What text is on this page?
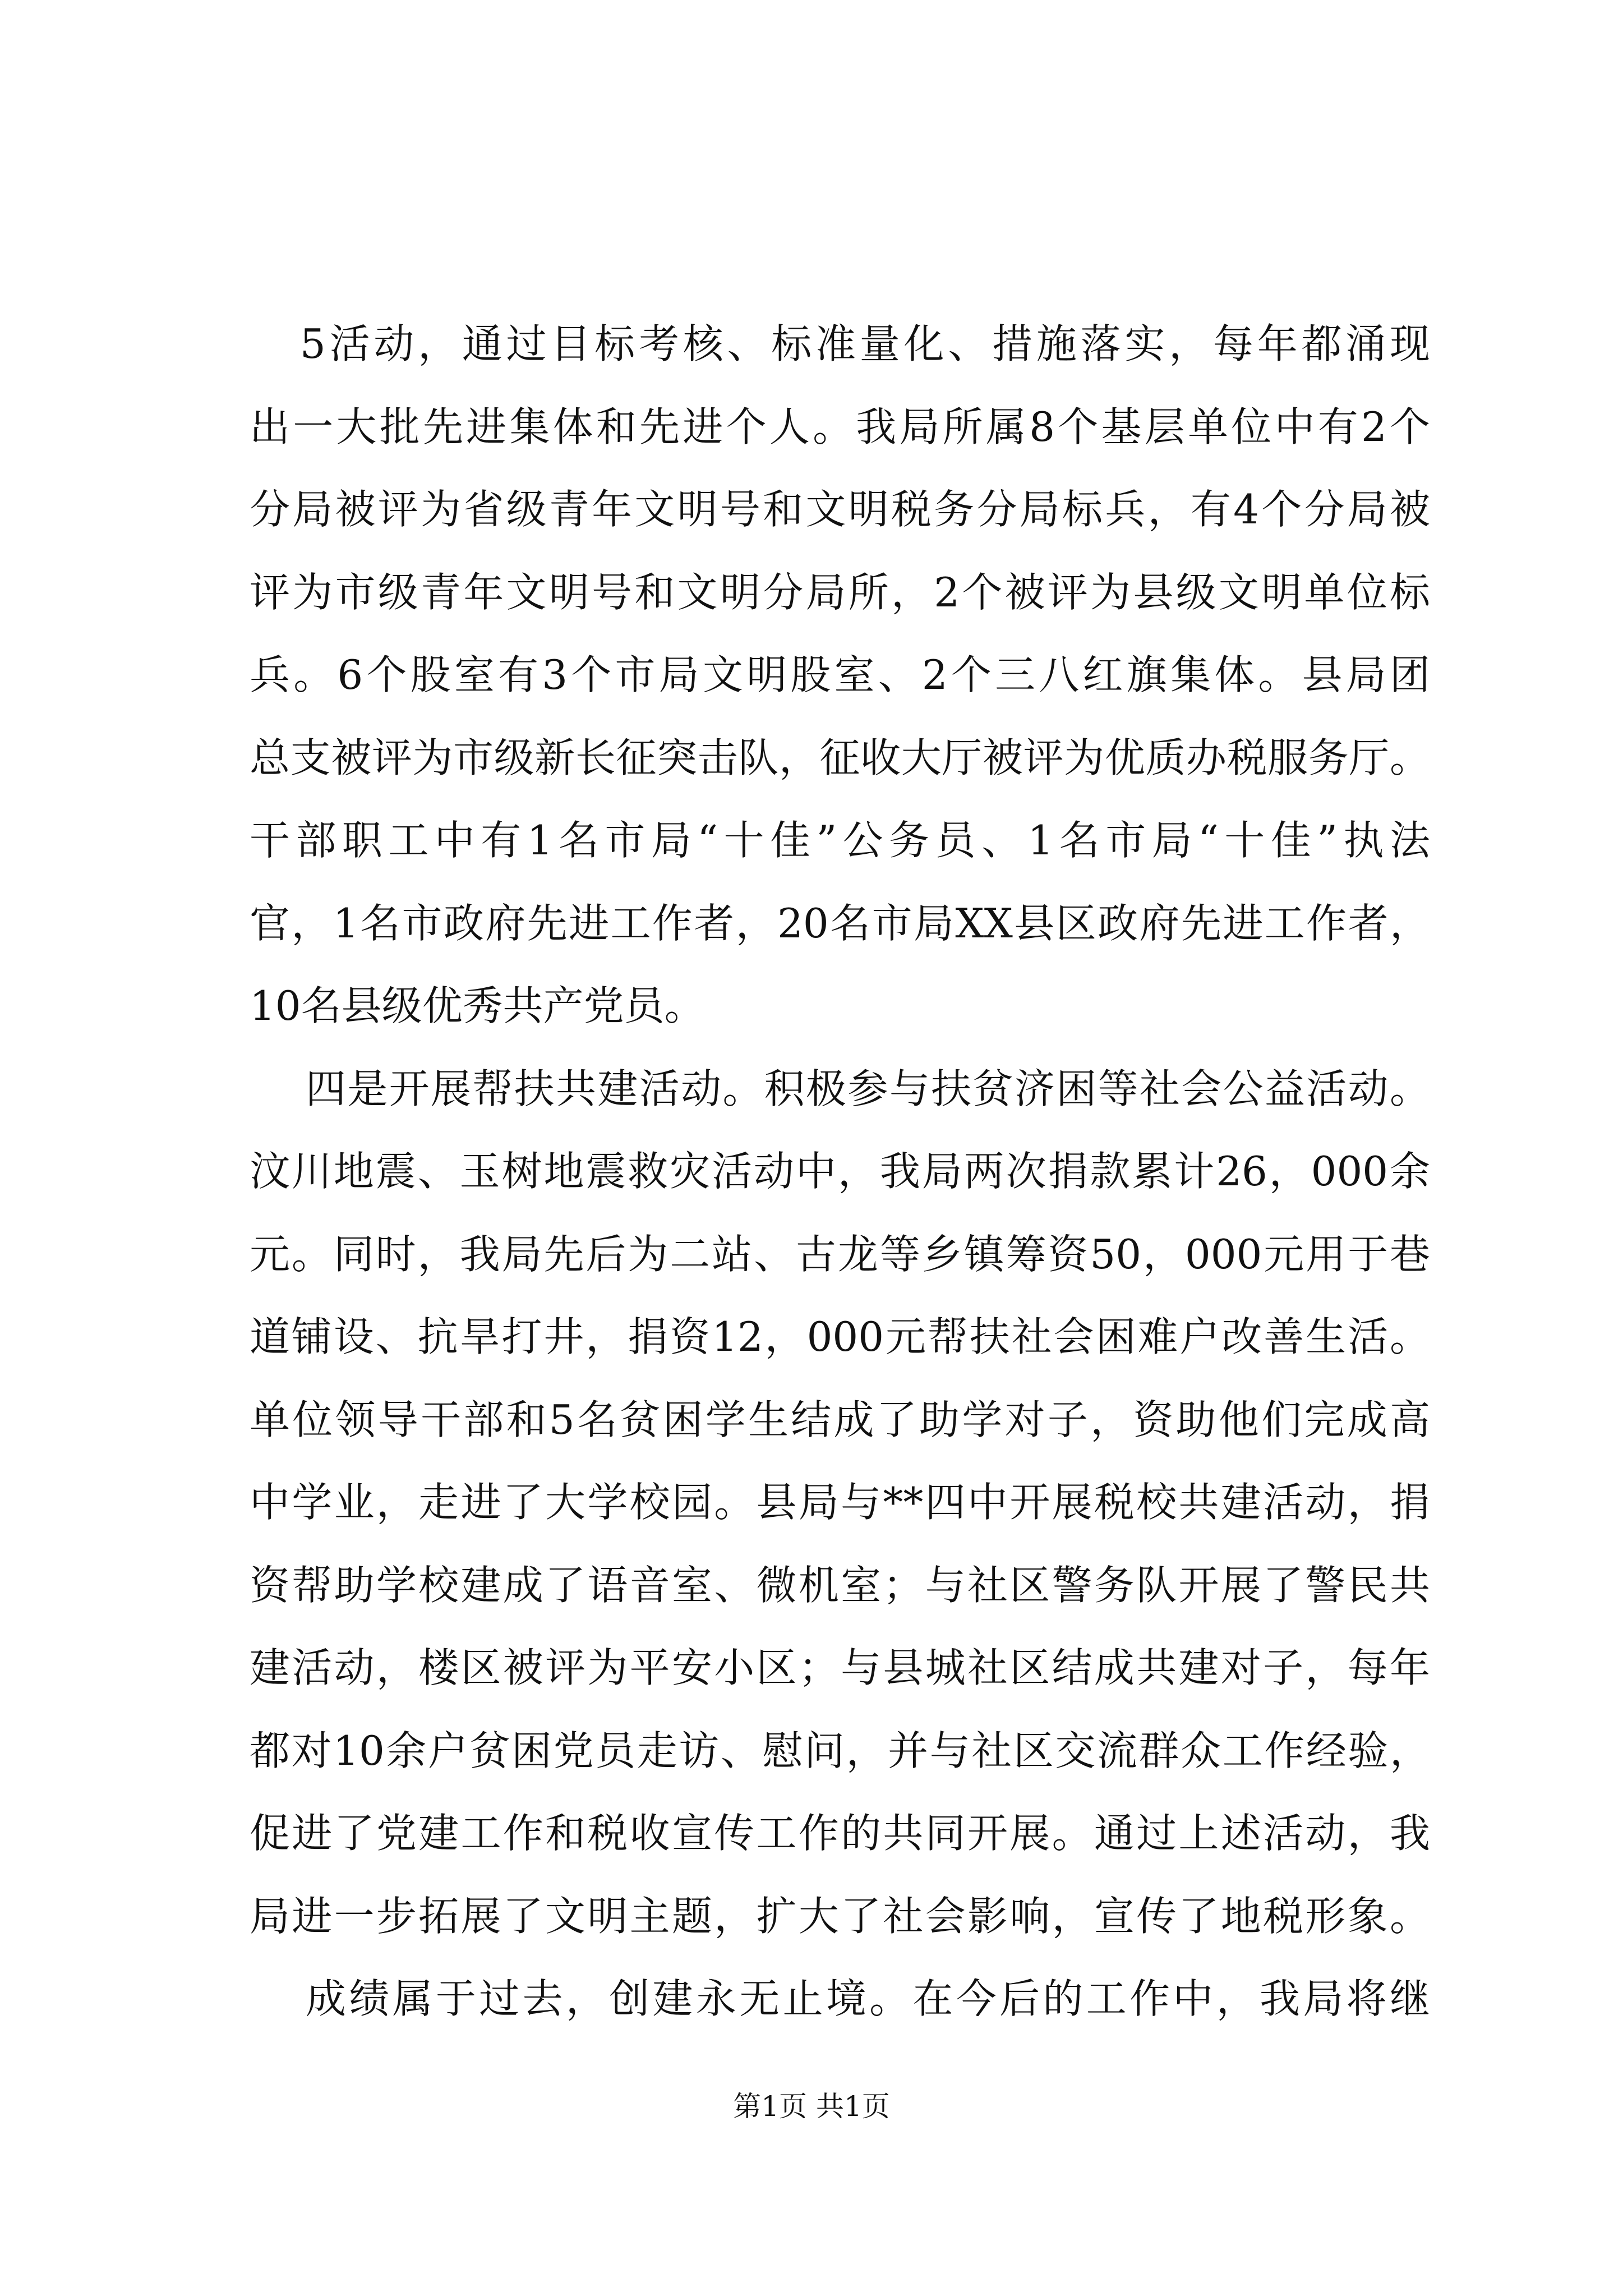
5活动，通过目标考核、标准量化、措施落实，每年都涌现
出一大批先进集体和先进个人。我局所属8个基层单位中有2个
分局被评为省级青年文明号和文明税务分局标兵，有4个分局被
评为市级青年文明号和文明分局所，2个被评为县级文明单位标
兵。6个股室有3个市局文明股室、2个三八红旗集体。县局团
总支被评为市级新长征突击队，征收大厅被评为优质办税服务厅。
干部职工中有1名市局“十佳”公务员、1名市局“十佳”执法
官，1名市政府先进工作者，20名市局XX县区政府先进工作者，
10名县级优秀共产党员。
四是开展帮扶共建活动。积极参与扶贫济困等社会公益活动。
汶川地震、玉树地震救灾活动中，我局两次捐款累计26，000余
元。同时，我局先后为二站、古龙等乡镇筹资50，000元用于巷
道铺设、抗旱打井，捐资12，000元帮扶社会困难户改善生活。
单位领导干部和5名贫困学生结成了助学对子，资助他们完成高
中学业，走进了大学校园。县局与**四中开展税校共建活动，捐
资帮助学校建成了语音室、微机室；与社区警务队开展了警民共
建活动，楼区被评为平安小区；与县城社区结成共建对子，每年
都对10余户贫困党员走访、慰问，并与社区交流群众工作经验，
促进了党建工作和税收宣传工作的共同开展。通过上述活动，我
局进一步拓展了文明主题，扩大了社会影响，宣传了地税形象。
成绩属于过去，创建永无止境。在今后的工作中，我局将继
第1页 共1页
